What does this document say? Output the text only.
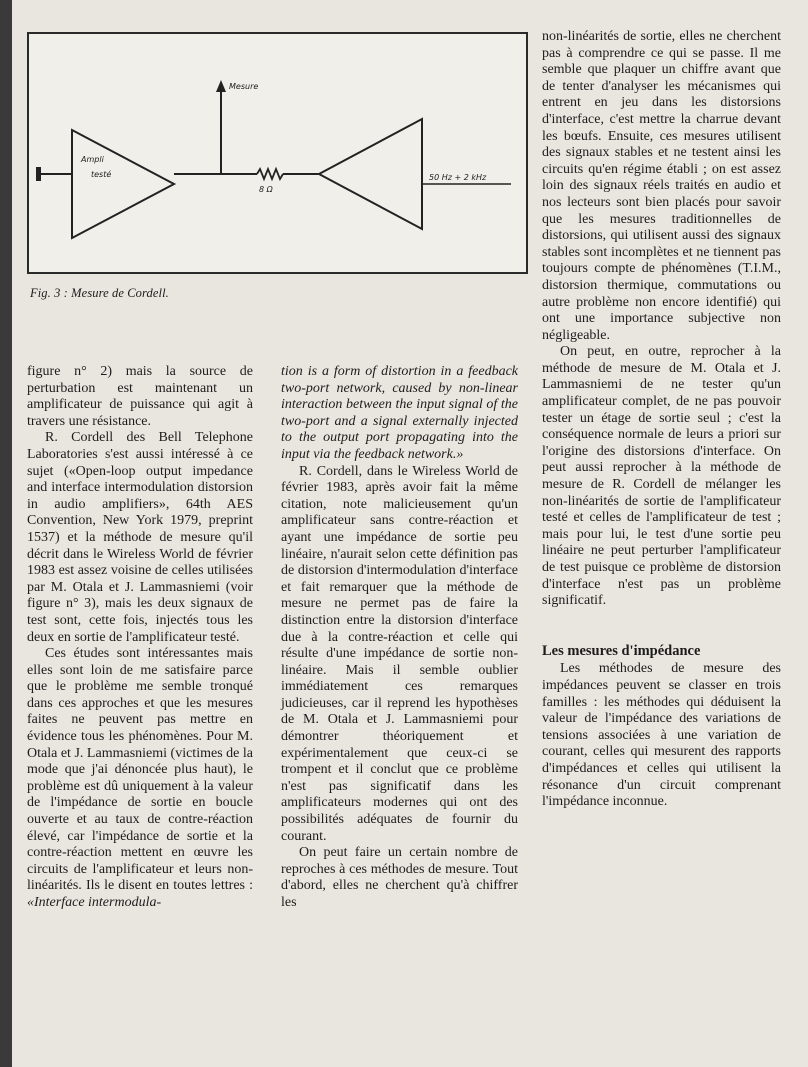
Ampli
testé
Mesure
8 Ω
50 Hz + 2 kHz
Fig. 3 : Mesure de Cordell.

figure n° 2) mais la source de perturbation est maintenant un amplificateur de puissance qui agit à travers une résistance.

R. Cordell des Bell Telephone Laboratories s'est aussi intéressé à ce sujet («Open-loop output impedance and interface intermodulation distorsion in audio amplifiers», 64th AES Convention, New York 1979, preprint 1537) et la méthode de mesure qu'il décrit dans le Wireless World de février 1983 est assez voisine de celles utilisées par M. Otala et J. Lammasniemi (voir figure n° 3), mais les deux signaux de test sont, cette fois, injectés tous les deux en sortie de l'amplificateur testé.

Ces études sont intéressantes mais elles sont loin de me satisfaire parce que le problème me semble tronqué dans ces approches et que les mesures faites ne peuvent pas mettre en évidence tous les phénomènes. Pour M. Otala et J. Lammasniemi (victimes de la mode que j'ai dénoncée plus haut), le problème est dû uniquement à la valeur de l'impédance de sortie en boucle ouverte et au taux de contre-réaction élevé, car l'impédance de sortie et la contre-réaction mettent en œuvre les circuits de l'amplificateur et leurs non-linéarités. Ils le disent en toutes lettres : «Interface intermodula-

tion is a form of distortion in a feedback two-port network, caused by non-linear interaction between the input signal of the two-port and a signal externally injected to the output port propagating into the input via the feedback network.»

R. Cordell, dans le Wireless World de février 1983, après avoir fait la même citation, note malicieusement qu'un amplificateur sans contre-réaction et ayant une impédance de sortie peu linéaire, n'aurait selon cette définition pas de distorsion d'intermodulation d'interface et fait remarquer que la méthode de mesure ne permet pas de faire la distinction entre la distorsion d'interface due à la contre-réaction et celle qui résulte d'une impédance de sortie non-linéaire. Mais il semble oublier immédiatement ces remarques judicieuses, car il reprend les hypothèses de M. Otala et J. Lammasniemi pour démontrer théoriquement et expérimentalement que ceux-ci se trompent et il conclut que ce problème n'est pas significatif dans les amplificateurs modernes qui ont des possibilités adéquates de fournir du courant.

On peut faire un certain nombre de reproches à ces méthodes de mesure. Tout d'abord, elles ne cherchent qu'à chiffrer les

non-linéarités de sortie, elles ne cherchent pas à comprendre ce qui se passe. Il me semble que plaquer un chiffre avant que de tenter d'analyser les mécanismes qui entrent en jeu dans les distorsions d'interface, c'est mettre la charrue devant les bœufs. Ensuite, ces mesures utilisent des signaux stables et ne testent ainsi les circuits qu'en régime établi ; on est assez loin des signaux réels traités en audio et nos lecteurs sont bien placés pour savoir que les mesures traditionnelles de distorsions, qui utilisent aussi des signaux stables sont incomplètes et ne tiennent pas toujours compte de phénomènes (T.I.M., distorsion thermique, commutations ou autre problème non encore identifié) qui ont une importance subjective non négligeable.

On peut, en outre, reprocher à la méthode de mesure de M. Otala et J. Lammasniemi de ne tester qu'un amplificateur complet, de ne pas pouvoir tester un étage de sortie seul ; c'est la conséquence normale de leurs a priori sur l'origine des distorsions d'interface. On peut aussi reprocher à la méthode de mesure de R. Cordell de mélanger les non-linéarités de sortie de l'amplificateur testé et celles de l'amplificateur de test ; mais pour lui, le test d'une sortie peu linéaire ne peut perturber l'amplificateur de test puisque ce problème de distorsion d'interface n'est pas un problème significatif.

Les mesures d'impédance

Les méthodes de mesure des impédances peuvent se classer en trois familles : les méthodes qui déduisent la valeur de l'impédance des variations de tensions associées à une variation de courant, celles qui mesurent des rapports d'impédances et celles qui utilisent la résonance d'un circuit comprenant l'impédance inconnue.
